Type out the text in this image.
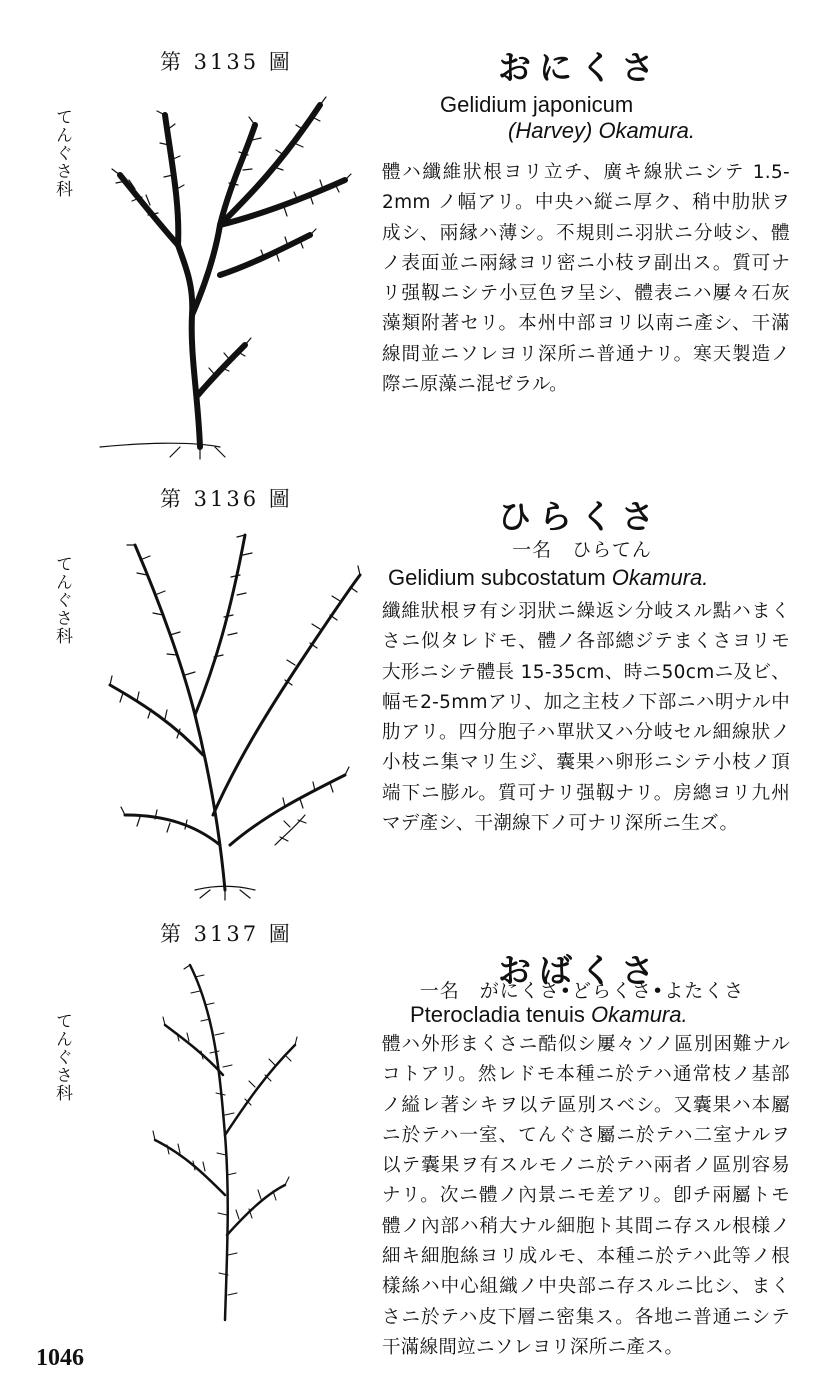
第 3135 圖
てんぐさ科
おにくさ
Gelidium japonicum
(Harvey) Okamura.
體ハ纖維狀根ヨリ立チ、廣キ線狀ニシテ 1.5-2mm ノ幅アリ。中央ハ縦ニ厚ク、稍中肋狀ヲ成シ、兩縁ハ薄シ。不規則ニ羽狀ニ分岐シ、體ノ表面並ニ兩縁ヨリ密ニ小枝ヲ副出ス。質可ナリ强靱ニシテ小豆色ヲ呈シ、體表ニハ屢々石灰藻類附著セリ。本州中部ヨリ以南ニ產シ、干滿線間並ニソレヨリ深所ニ普通ナリ。寒天製造ノ際ニ原藻ニ混ゼラル。
第 3136 圖
てんぐさ科
ひらくさ
一名　ひらてん
Gelidium subcostatum Okamura.
纖維狀根ヲ有シ羽狀ニ繰返シ分岐スル點ハまくさニ似タレドモ、體ノ各部總ジテまくさヨリモ大形ニシテ體長 15-35cm、時ニ50cmニ及ビ、幅モ2-5mmアリ、加之主枝ノ下部ニハ明ナル中肋アリ。四分胞子ハ單狀又ハ分岐セル細線狀ノ小枝ニ集マリ生ジ、囊果ハ卵形ニシテ小枝ノ頂端下ニ膨ル。質可ナリ强靱ナリ。房總ヨリ九州マデ產シ、干潮線下ノ可ナリ深所ニ生ズ。
第 3137 圖
てんぐさ科
おばくさ
一名　がにくさ•どらくさ•よたくさ
Pterocladia tenuis Okamura.
體ハ外形まくさニ酷似シ屢々ソノ區別困難ナルコトアリ。然レドモ本種ニ於テハ通常枝ノ基部ノ縊レ著シキヲ以テ區別スベシ。又囊果ハ本屬ニ於テハ一室、てんぐさ屬ニ於テハ二室ナルヲ以テ囊果ヲ有スルモノニ於テハ兩者ノ區別容易ナリ。次ニ體ノ內景ニモ差アリ。卽チ兩屬トモ體ノ內部ハ稍大ナル細胞ト其間ニ存スル根様ノ細キ細胞絲ヨリ成ルモ、本種ニ於テハ此等ノ根樣絲ハ中心組織ノ中央部ニ存スルニ比シ、まくさニ於テハ皮下層ニ密集ス。各地ニ普通ニシテ干滿線間竝ニソレヨリ深所ニ產ス。
1046
